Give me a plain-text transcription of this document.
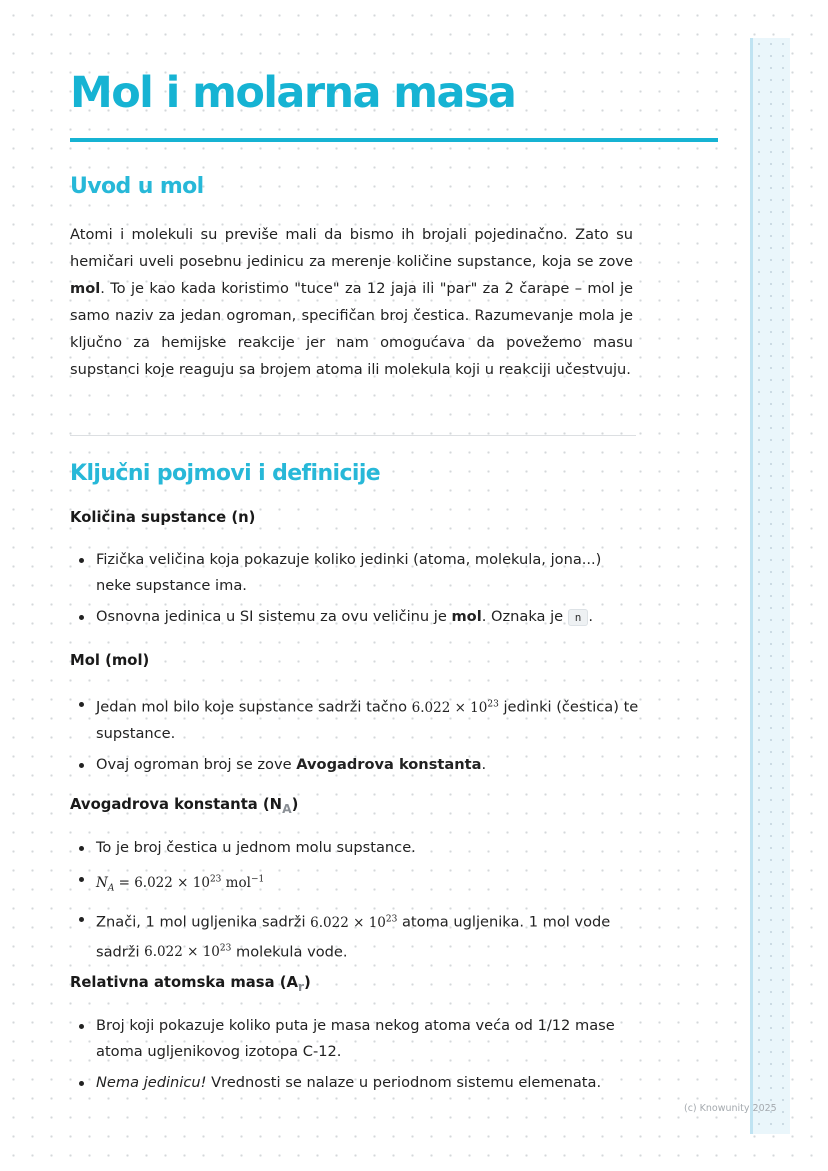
Mol i molarna masa
Uvod u mol
Atomi i molekuli su previše mali da bismo ih brojali pojedinačno. Zato su hemičari uveli posebnu jedinicu za merenje količine supstance, koja se zove mol. To je kao kada koristimo "tuce" za 12 jaja ili "par" za 2 čarape – mol je samo naziv za jedan ogroman, specifičan broj čestica. Razumevanje mola je ključno za hemijske reakcije jer nam omogućava da povežemo masu supstanci koje reaguju sa brojem atoma ili molekula koji u reakciji učestvuju.
Ključni pojmovi i definicije
Količina supstance (n)
Fizička veličina koja pokazuje koliko jedinki (atoma, molekula, jona...) neke supstance ima.
Osnovna jedinica u SI sistemu za ovu veličinu je mol. Oznaka je n .
Mol (mol)
Jedan mol bilo koje supstance sadrži tačno $6.022 \times 10^{23}$ jedinki (čestica) te supstance.
Ovaj ogroman broj se zove Avogadrova konstanta.
Avogadrova konstanta $(N_A)$
To je broj čestica u jednom molu supstance.
$N_A = 6.022 \times 10^{23}$ mol$^{-1}$
Znači, 1 mol ugljenika sadrži $6.022 \times 10^{23}$ atoma ugljenika. 1 mol vode sadrži $6.022 \times 10^{23}$ molekula vode.
Relativna atomska masa $(A_r)$
Broj koji pokazuje koliko puta je masa nekog atoma veća od 1/12 mase atoma ugljenikovog izotopa C-12.
Nema jedinicu! Vrednosti se nalaze u periodnom sistemu elemenata.
(c) Knowunity 2025
